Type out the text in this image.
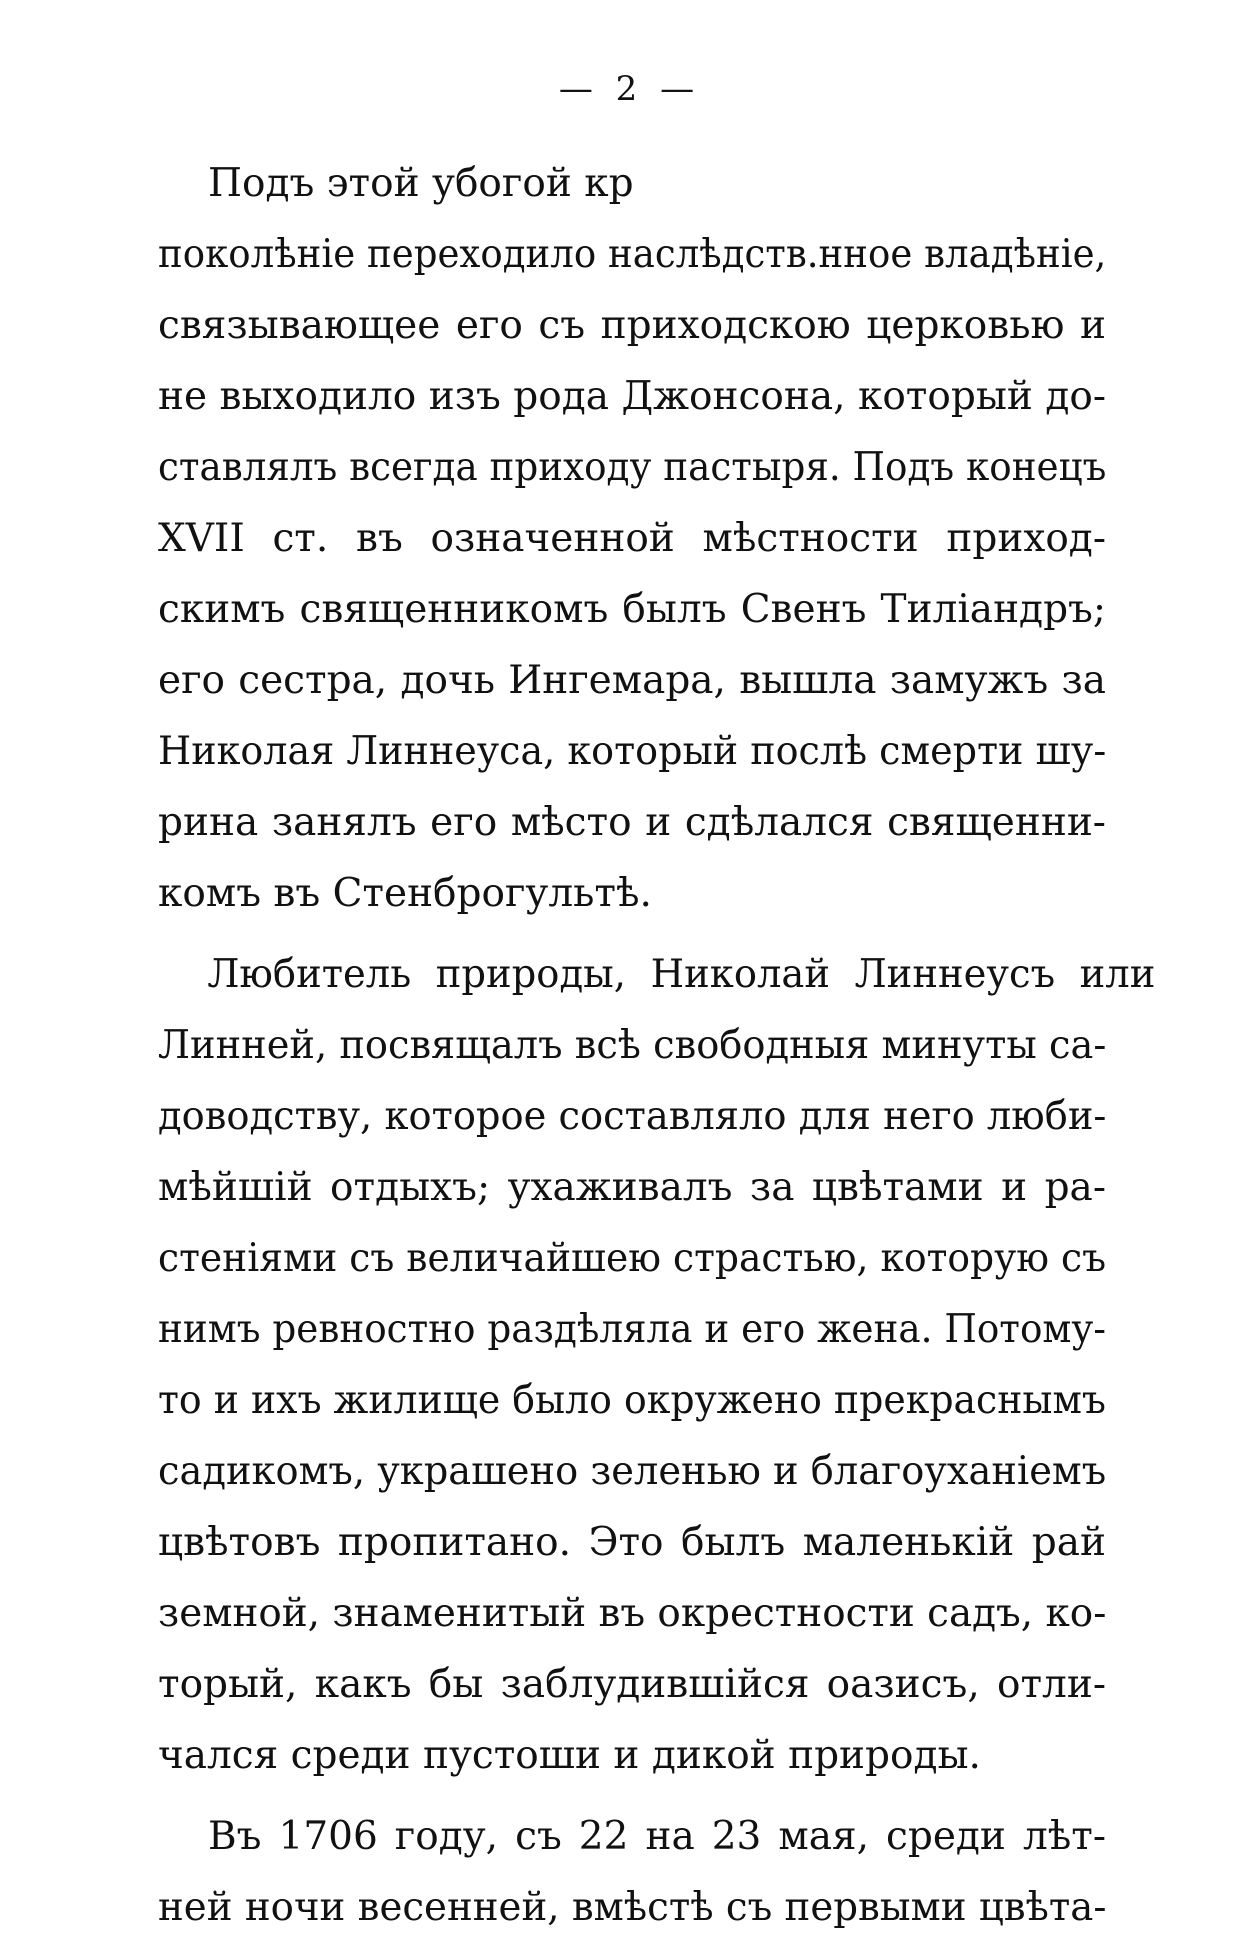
— 2 —
Подъ этой убогой кр
поколѣніе переходило наслѣдств.нное владѣніе,
связывающее его съ приходскою церковью и
не выходило изъ рода Джонсона, который до-
ставлялъ всегда приходу пастыря. Подъ конецъ
XVII ст. въ означенной мѣстности приход-
скимъ священникомъ былъ Свенъ Тиліандръ;
его сестра, дочь Ингемара, вышла замужъ за
Николая Линнеуса, который послѣ смерти шу-
рина занялъ его мѣсто и сдѣлался священни-
комъ въ Стенброгультѣ.
Любитель природы, Николай Линнеусъ или
Линней, посвящалъ всѣ свободныя минуты са-
доводству, которое составляло для него люби-
мѣйшій отдыхъ; ухаживалъ за цвѣтами и ра-
стеніями съ величайшею страстью, которую съ
нимъ ревностно раздѣляла и его жена. Потому-
то и ихъ жилище было окружено прекраснымъ
садикомъ, украшено зеленью и благоуханіемъ
цвѣтовъ пропитано. Это былъ маленькій рай
земной, знаменитый въ окрестности садъ, ко-
торый, какъ бы заблудившійся оазисъ, отли-
чался среди пустоши и дикой природы.
Въ 1706 году, съ 22 на 23 мая, среди лѣт-
ней ночи весенней, вмѣстѣ съ первыми цвѣта-
